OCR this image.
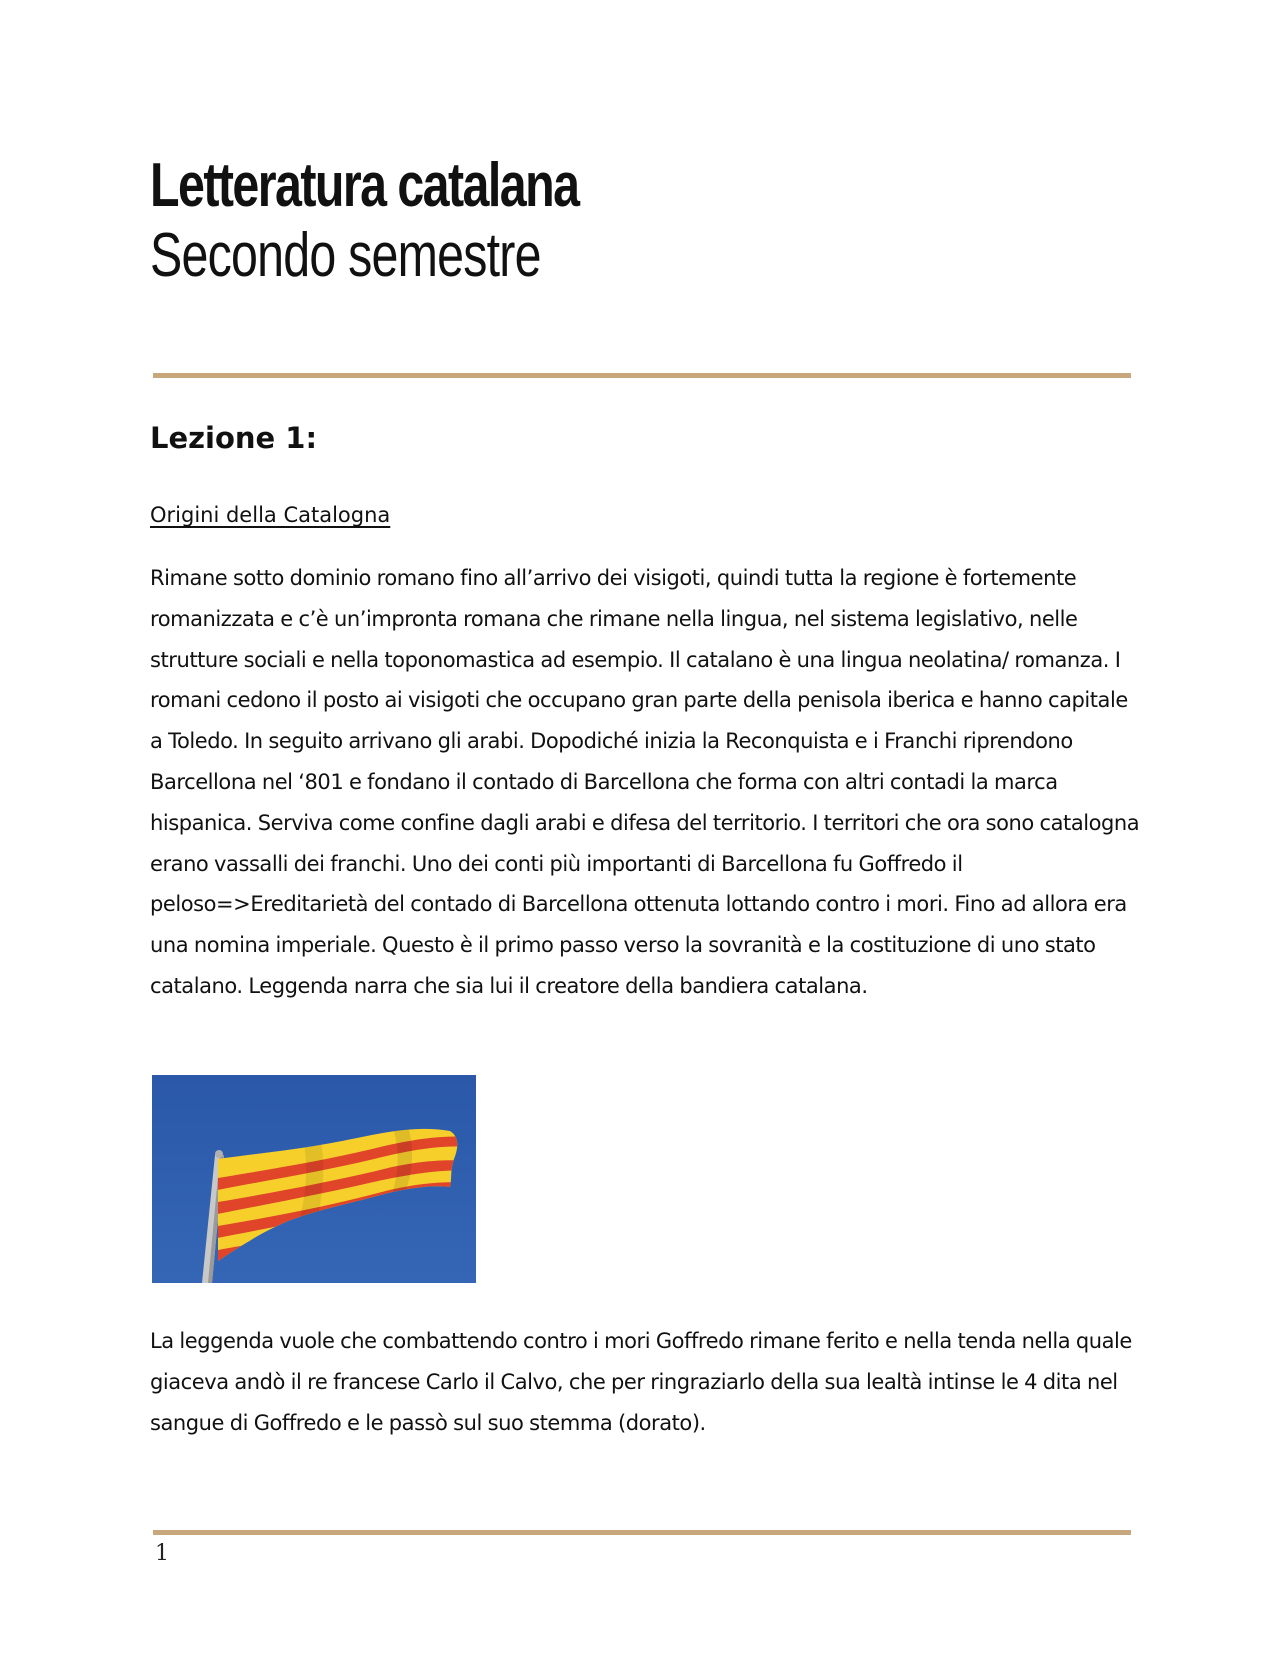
Letteratura catalana
Secondo semestre
Lezione 1:
Origini della Catalogna

Rimane sotto dominio romano fino all’arrivo dei visigoti, quindi tutta la regione è fortemente romanizzata e c’è un’impronta romana che rimane nella lingua, nel sistema legislativo, nelle strutture sociali e nella toponomastica ad esempio. Il catalano è una lingua neolatina/ romanza. I romani cedono il posto ai visigoti che occupano gran parte della penisola iberica e hanno capitale a Toledo. In seguito arrivano gli arabi. Dopodiché inizia la Reconquista e i Franchi riprendono Barcellona nel ‘801 e fondano il contado di Barcellona che forma con altri contadi la marca hispanica. Serviva come confine dagli arabi e difesa del territorio. I territori che ora sono catalogna erano vassalli dei franchi. Uno dei conti più importanti di Barcellona fu Goffredo il peloso=>Ereditarietà del contado di Barcellona ottenuta lottando contro i mori. Fino ad allora era una nomina imperiale. Questo è il primo passo verso la sovranità e la costituzione di uno stato catalano. Leggenda narra che sia lui il creatore della bandiera catalana.

La leggenda vuole che combattendo contro i mori Goffredo rimane ferito e nella tenda nella quale giaceva andò il re francese Carlo il Calvo, che per ringraziarlo della sua lealtà intinse le 4 dita nel sangue di Goffredo e le passò sul suo stemma (dorato).

1
